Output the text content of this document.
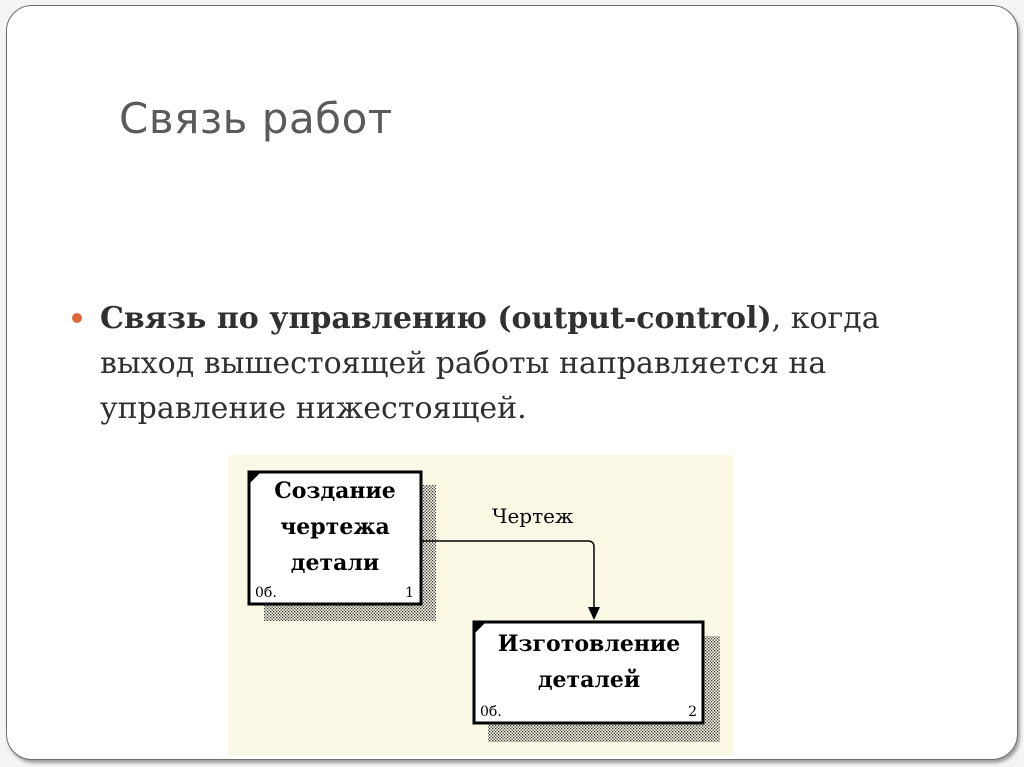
Связь работ

Связь по управлению (output-control), когда выход вышестоящей работы направляется на управление нижестоящей.

Создание
чертежа
детали
0б.	1
Изготовление
деталей
0б.	2
Чертеж
